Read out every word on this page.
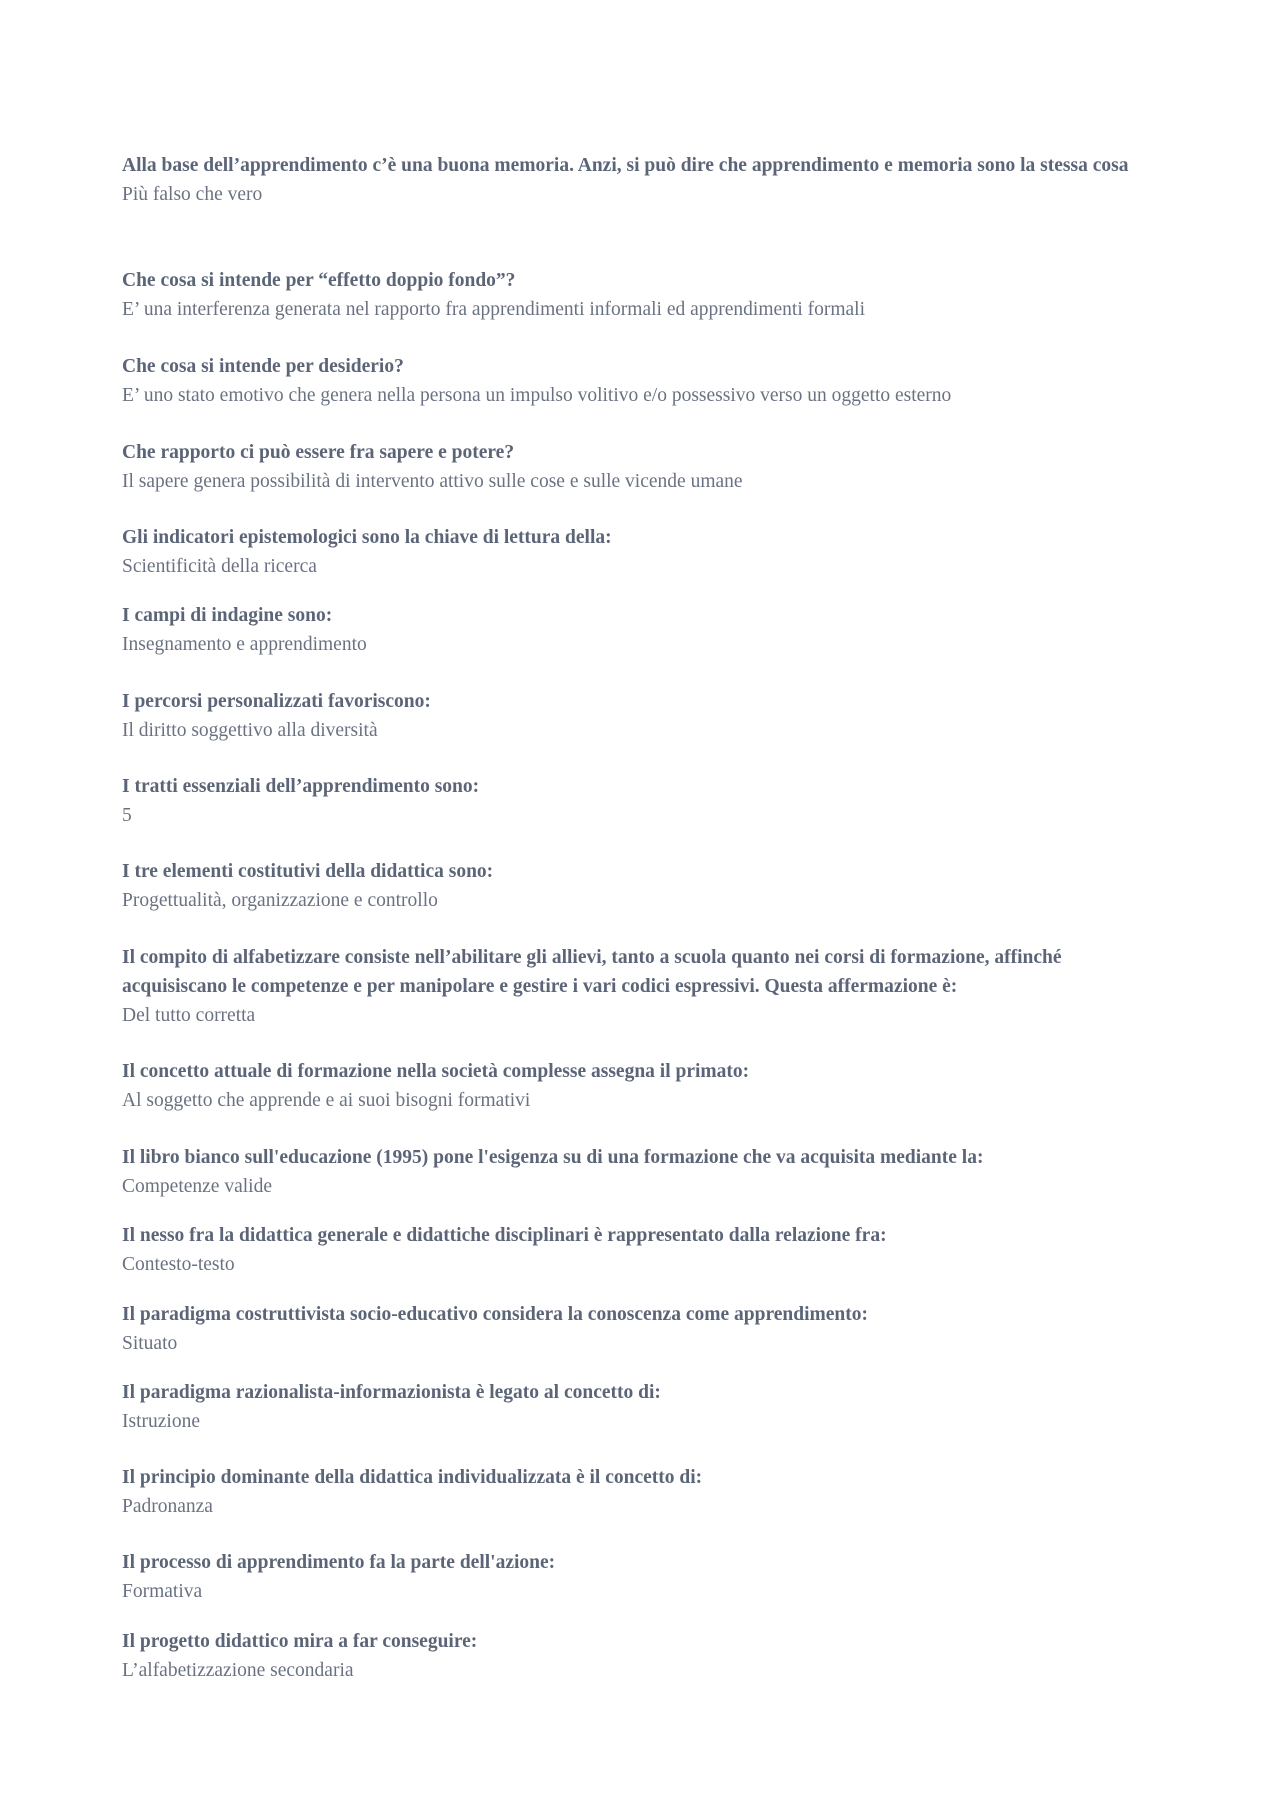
Alla base dell’apprendimento c’è una buona memoria. Anzi, si può dire che apprendimento e memoria sono la stessa cosa

Più falso che vero

Che cosa si intende per “effetto doppio fondo”?

E’ una interferenza generata nel rapporto fra apprendimenti informali ed apprendimenti formali

Che cosa si intende per desiderio?

E’ uno stato emotivo che genera nella persona un impulso volitivo e/o possessivo verso un oggetto esterno

Che rapporto ci può essere fra sapere e potere?

Il sapere genera possibilità di intervento attivo sulle cose e sulle vicende umane

Gli indicatori epistemologici sono la chiave di lettura della:

Scientificità della ricerca

I campi di indagine sono:

Insegnamento e apprendimento

I percorsi personalizzati favoriscono:

Il diritto soggettivo alla diversità

I tratti essenziali dell’apprendimento sono:

5

I tre elementi costitutivi della didattica sono:

Progettualità, organizzazione e controllo

Il compito di alfabetizzare consiste nell’abilitare gli allievi, tanto a scuola quanto nei corsi di formazione, affinché acquisiscano le competenze e per manipolare e gestire i vari codici espressivi. Questa affermazione è:

Del tutto corretta

Il concetto attuale di formazione nella società complesse assegna il primato:

Al soggetto che apprende e ai suoi bisogni formativi

Il libro bianco sull'educazione (1995) pone l'esigenza su di una formazione che va acquisita mediante la:

Competenze valide

Il nesso fra la didattica generale e didattiche disciplinari è rappresentato dalla relazione fra:

Contesto-testo

Il paradigma costruttivista socio-educativo considera la conoscenza come apprendimento:

Situato

Il paradigma razionalista-informazionista è legato al concetto di:

Istruzione

Il principio dominante della didattica individualizzata è il concetto di:

Padronanza

Il processo di apprendimento fa la parte dell'azione:

Formativa

Il progetto didattico mira a far conseguire:

L’alfabetizzazione secondaria
